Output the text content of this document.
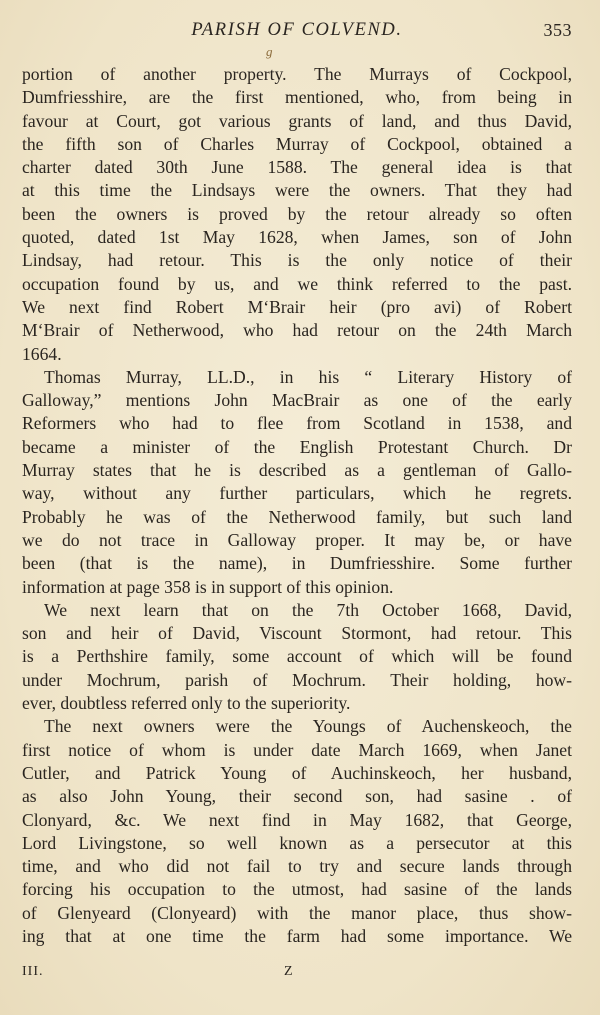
PARISH OF COLVEND.	353
g
portion of another property. The Murrays of Cockpool,
Dumfriesshire, are the first mentioned, who, from being in
favour at Court, got various grants of land, and thus David,
the fifth son of Charles Murray of Cockpool, obtained a
charter dated 30th June 1588. The general idea is that
at this time the Lindsays were the owners. That they had
been the owners is proved by the retour already so often
quoted, dated 1st May 1628, when James, son of John
Lindsay, had retour. This is the only notice of their
occupation found by us, and we think referred to the past.
We next find Robert M‘Brair heir (pro avi) of Robert
M‘Brair of Netherwood, who had retour on the 24th March
1664.
Thomas Murray, LL.D., in his “ Literary History of
Galloway,” mentions John MacBrair as one of the early
Reformers who had to flee from Scotland in 1538, and
became a minister of the English Protestant Church. Dr
Murray states that he is described as a gentleman of Gallo-
way, without any further particulars, which he regrets.
Probably he was of the Netherwood family, but such land
we do not trace in Galloway proper. It may be, or have
been (that is the name), in Dumfriesshire. Some further
information at page 358 is in support of this opinion.
We next learn that on the 7th October 1668, David,
son and heir of David, Viscount Stormont, had retour. This
is a Perthshire family, some account of which will be found
under Mochrum, parish of Mochrum. Their holding, how-
ever, doubtless referred only to the superiority.
The next owners were the Youngs of Auchenskeoch, the
first notice of whom is under date March 1669, when Janet
Cutler, and Patrick Young of Auchinskeoch, her husband,
as also John Young, their second son, had sasine . of
Clonyard, &c. We next find in May 1682, that George,
Lord Livingstone, so well known as a persecutor at this
time, and who did not fail to try and secure lands through
forcing his occupation to the utmost, had sasine of the lands
of Glenyeard (Clonyeard) with the manor place, thus show-
ing that at one time the farm had some importance. We
III.	Z
